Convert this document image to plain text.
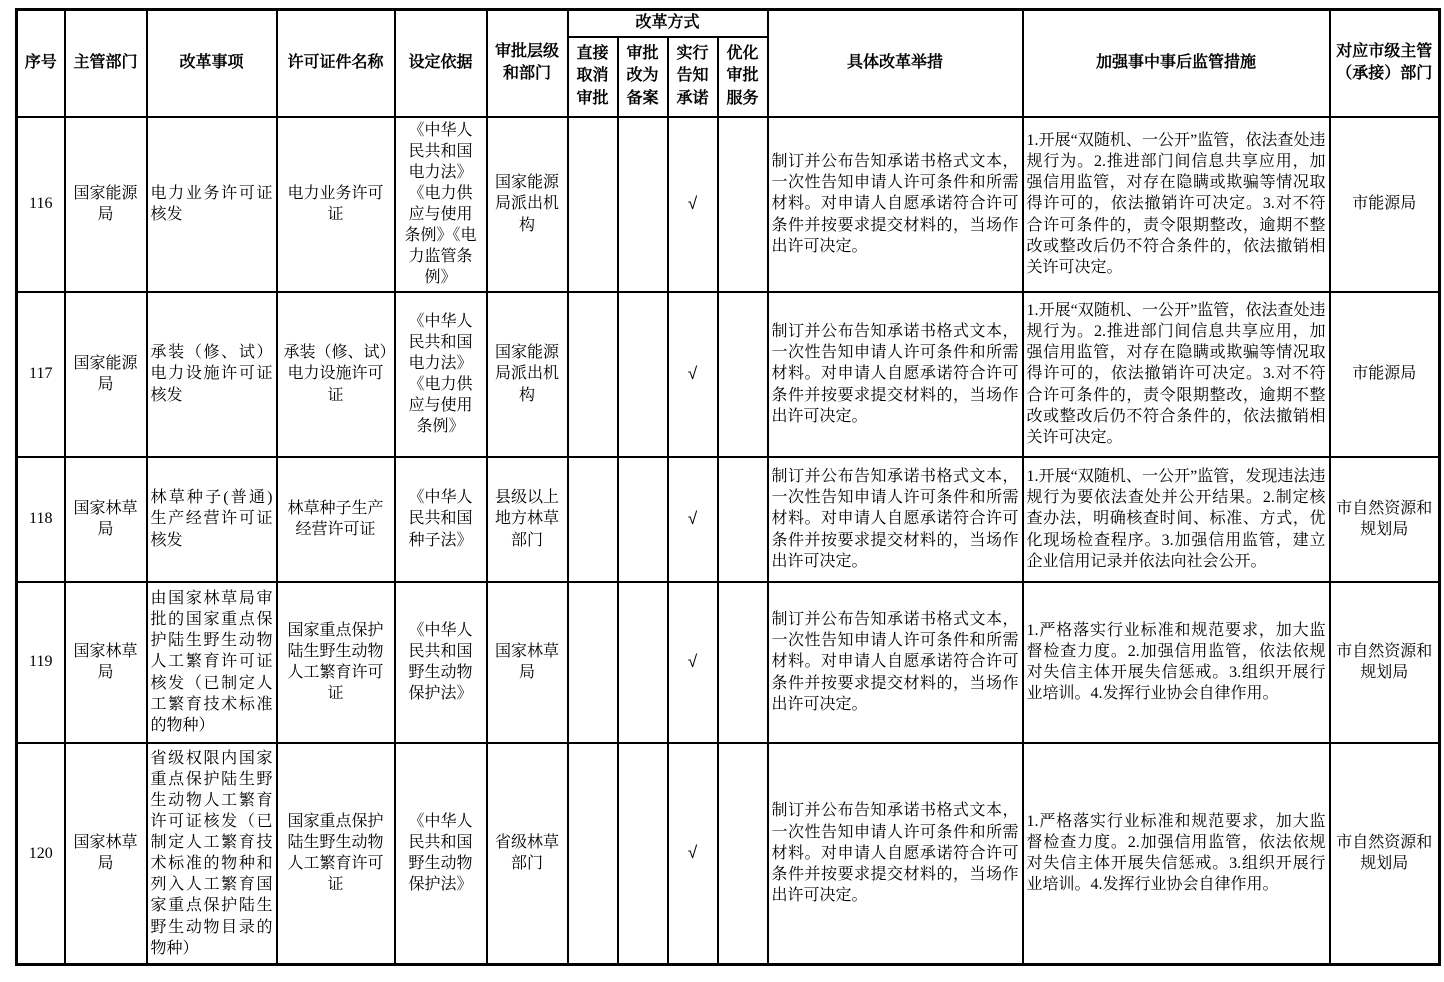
序号	主管部门	改革事项	许可证件名称	设定依据	审批层级和部门	改革方式				具体改革举措	加强事中事后监管措施	对应市级主管（承接）部门
						直接取消审批	审批改为备案	实行告知承诺	优化审批服务			
116	国家能源局	电力业务许可证核发	电力业务许可证	《中华人民共和国电力法》《电力供应与使用条例》《电力监管条例》	国家能源局派出机构			√		制订并公布告知承诺书格式文本，一次性告知申请人许可条件和所需材料。对申请人自愿承诺符合许可条件并按要求提交材料的，当场作出许可决定。	1.开展“双随机、一公开”监管，依法查处违规行为。2.推进部门间信息共享应用，加强信用监管，对存在隐瞒或欺骗等情况取得许可的，依法撤销许可决定。3.对不符合许可条件的，责令限期整改，逾期不整改或整改后仍不符合条件的，依法撤销相关许可决定。	市能源局
117	国家能源局	承装（修、试）电力设施许可证核发	承装（修、试）电力设施许可证	《中华人民共和国电力法》《电力供应与使用条例》	国家能源局派出机构			√		制订并公布告知承诺书格式文本，一次性告知申请人许可条件和所需材料。对申请人自愿承诺符合许可条件并按要求提交材料的，当场作出许可决定。	1.开展“双随机、一公开”监管，依法查处违规行为。2.推进部门间信息共享应用，加强信用监管，对存在隐瞒或欺骗等情况取得许可的，依法撤销许可决定。3.对不符合许可条件的，责令限期整改，逾期不整改或整改后仍不符合条件的，依法撤销相关许可决定。	市能源局
118	国家林草局	林草种子(普通)生产经营许可证核发	林草种子生产经营许可证	《中华人民共和国种子法》	县级以上地方林草部门			√		制订并公布告知承诺书格式文本，一次性告知申请人许可条件和所需材料。对申请人自愿承诺符合许可条件并按要求提交材料的，当场作出许可决定。	1.开展“双随机、一公开”监管，发现违法违规行为要依法查处并公开结果。2.制定核查办法，明确核查时间、标准、方式，优化现场检查程序。3.加强信用监管，建立企业信用记录并依法向社会公开。	市自然资源和规划局
119	国家林草局	由国家林草局审批的国家重点保护陆生野生动物人工繁育许可证核发（已制定人工繁育技术标准的物种）	国家重点保护陆生野生动物人工繁育许可证	《中华人民共和国野生动物保护法》	国家林草局			√		制订并公布告知承诺书格式文本，一次性告知申请人许可条件和所需材料。对申请人自愿承诺符合许可条件并按要求提交材料的，当场作出许可决定。	1.严格落实行业标准和规范要求，加大监督检查力度。2.加强信用监管，依法依规对失信主体开展失信惩戒。3.组织开展行业培训。4.发挥行业协会自律作用。	市自然资源和规划局
120	国家林草局	省级权限内国家重点保护陆生野生动物人工繁育许可证核发（已制定人工繁育技术标准的物种和列入人工繁育国家重点保护陆生野生动物目录的物种）	国家重点保护陆生野生动物人工繁育许可证	《中华人民共和国野生动物保护法》	省级林草部门			√		制订并公布告知承诺书格式文本，一次性告知申请人许可条件和所需材料。对申请人自愿承诺符合许可条件并按要求提交材料的，当场作出许可决定。	1.严格落实行业标准和规范要求，加大监督检查力度。2.加强信用监管，依法依规对失信主体开展失信惩戒。3.组织开展行业培训。4.发挥行业协会自律作用。	市自然资源和规划局
